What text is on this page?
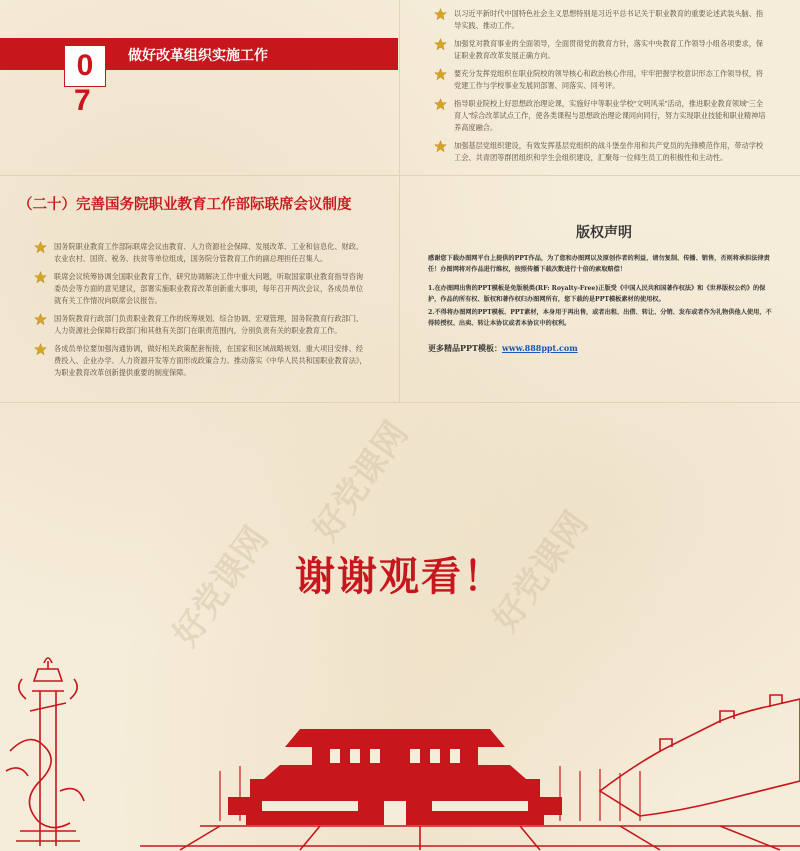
好党课网
好党课网	好党课网
0
7
做好改革组织实施工作
以习近平新时代中国特色社会主义思想特别是习近平总书记关于职业教育的重要论述武装头脑、指导实践、推动工作。
加强党对教育事业的全面领导，全面贯彻党的教育方针，落实中央教育工作领导小组各项要求，保证职业教育改革发展正确方向。
要充分发挥党组织在职业院校的领导核心和政治核心作用，牢牢把握学校意识形态工作领导权，将党建工作与学校事业发展同部署、同落实、同考评。
指导职业院校上好思想政治理论课，实施好中等职业学校“文明风采”活动，推进职业教育领域“三全育人”综合改革试点工作，使各类课程与思想政治理论课同向同行，努力实现职业技能和职业精神培养高度融合。
加强基层党组织建设，有效发挥基层党组织的战斗堡垒作用和共产党员的先锋模范作用，带动学校工会、共青团等群团组织和学生会组织建设，汇聚每一位师生员工的积极性和主动性。
（二十）完善国务院职业教育工作部际联席会议制度
国务院职业教育工作部际联席会议由教育、人力资源社会保障、发展改革、工业和信息化、财政、农业农村、国资、税务、扶贫等单位组成，国务院分管教育工作的副总理担任召集人。
联席会议统筹协调全国职业教育工作，研究协调解决工作中重大问题，听取国家职业教育指导咨询委员会等方面的意见建议，部署实施职业教育改革创新重大事项，每年召开两次会议，各成员单位就有关工作情况向联席会议报告。
国务院教育行政部门负责职业教育工作的统筹规划、综合协调、宏观管理，国务院教育行政部门、人力资源社会保障行政部门和其他有关部门在职责范围内，分别负责有关的职业教育工作。
各成员单位要加强沟通协调，做好相关政策配套衔接，在国家和区域战略规划、重大项目安排、经费投入、企业办学、人力资源开发等方面形成政策合力。推动落实《中华人民共和国职业教育法》，为职业教育改革创新提供重要的制度保障。
版权声明

感谢您下载办图网平台上提供的PPT作品，为了您和办图网以及原创作者的利益，请勿复制、传播、销售，否则将承担法律责任！办图网将对作品进行维权，按照传播下载次数进行十倍的索取赔偿！

1.在办图网出售的PPT模板是免版税类(RF: Royalty-Free)正版受《中国人民共和国著作权法》和《世界版权公约》的保护，作品的所有权、版权和著作权归办图网所有，您下载的是PPT模板素材的使用权。

2.不得将办图网的PPT模板、PPT素材，本身用于再出售，或者出租、出借、转让、分销、发布或者作为礼物供他人使用，不得转授权、出卖、转让本协议或者本协议中的权利。

更多精品PPT模板：www.888ppt.com
谢谢观看！
